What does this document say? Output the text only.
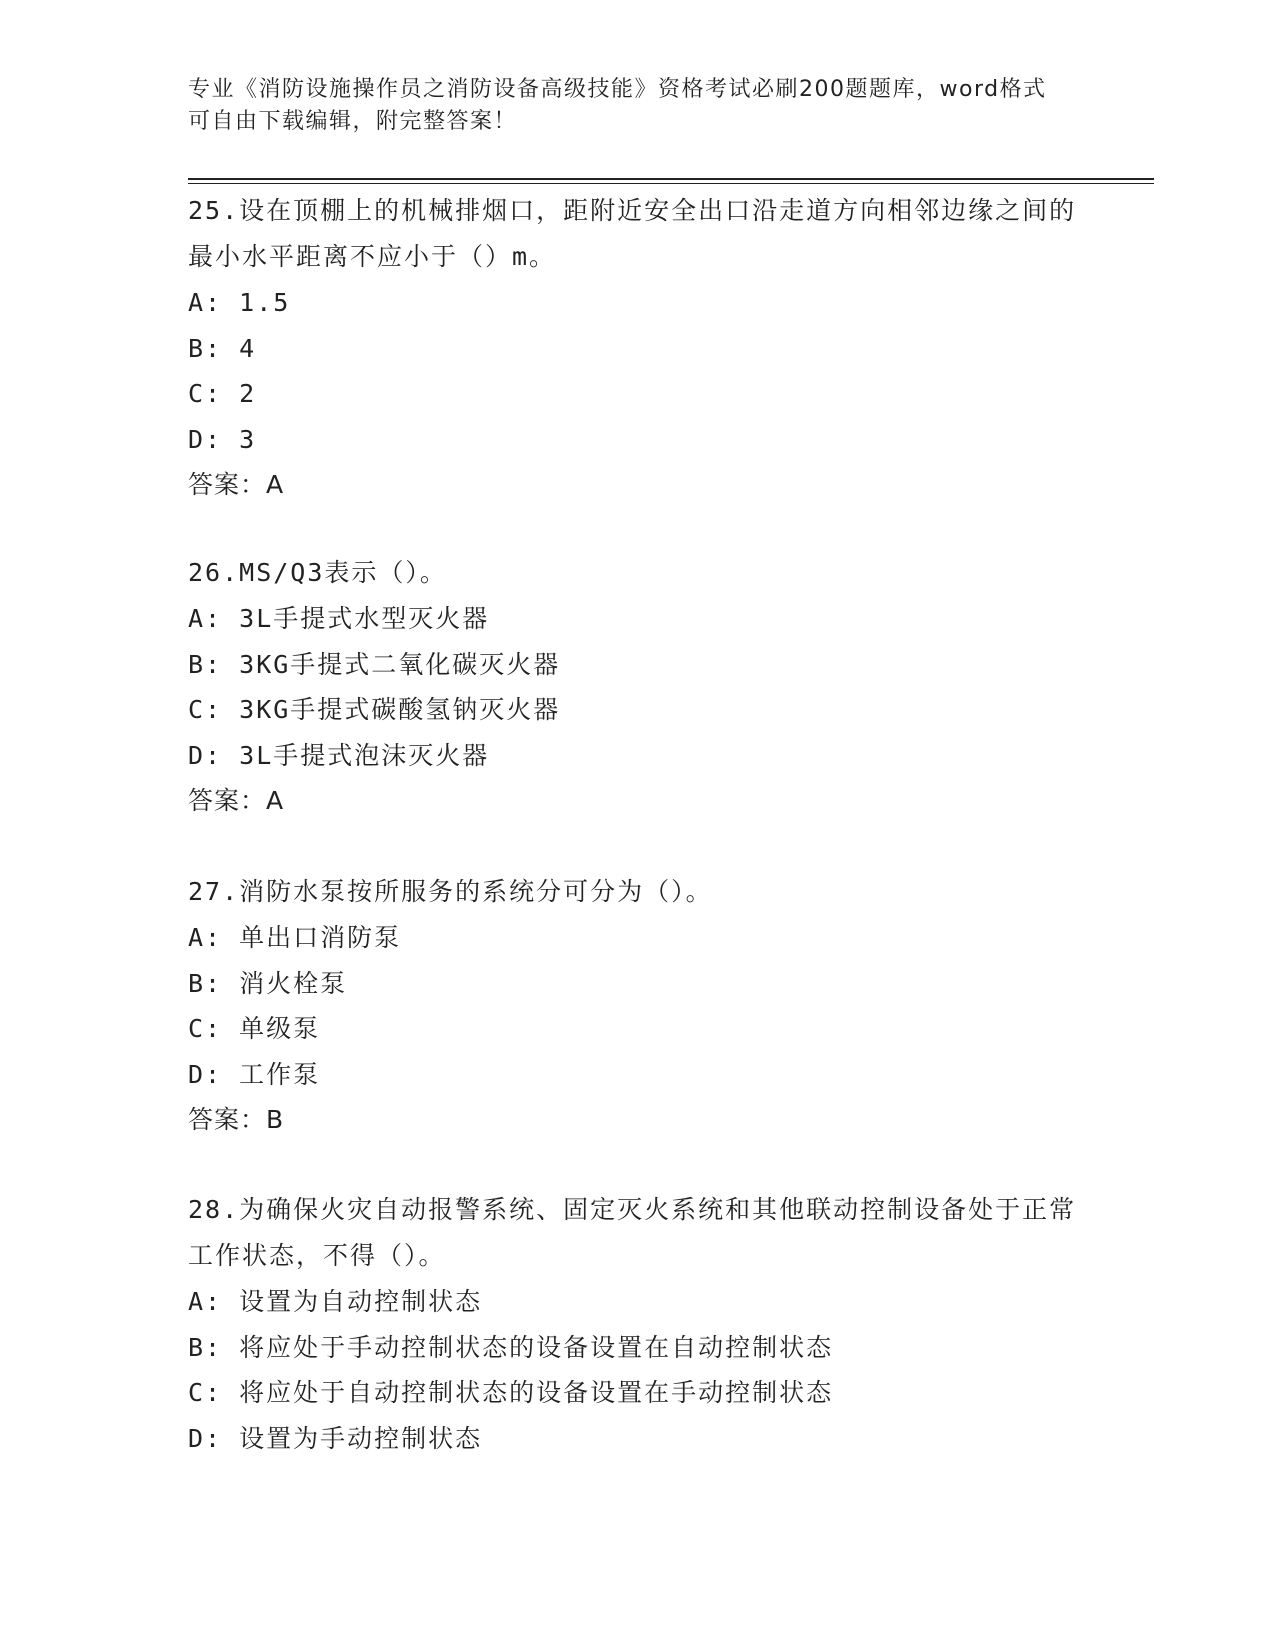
专业《消防设施操作员之消防设备高级技能》资格考试必刷200题题库，word格式可自由下载编辑，附完整答案！

25.设在顶棚上的机械排烟口，距附近安全出口沿走道方向相邻边缘之间的最小水平距离不应小于（）m。

A: 1.5

B: 4

C: 2

D: 3

答案：A

26.MS/Q3表示（）。

A: 3L手提式水型灭火器

B: 3KG手提式二氧化碳灭火器

C: 3KG手提式碳酸氢钠灭火器

D: 3L手提式泡沫灭火器

答案：A

27.消防水泵按所服务的系统分可分为（）。

A: 单出口消防泵

B: 消火栓泵

C: 单级泵

D: 工作泵

答案：B

28.为确保火灾自动报警系统、固定灭火系统和其他联动控制设备处于正常工作状态，不得（）。

A: 设置为自动控制状态

B: 将应处于手动控制状态的设备设置在自动控制状态

C: 将应处于自动控制状态的设备设置在手动控制状态

D: 设置为手动控制状态
